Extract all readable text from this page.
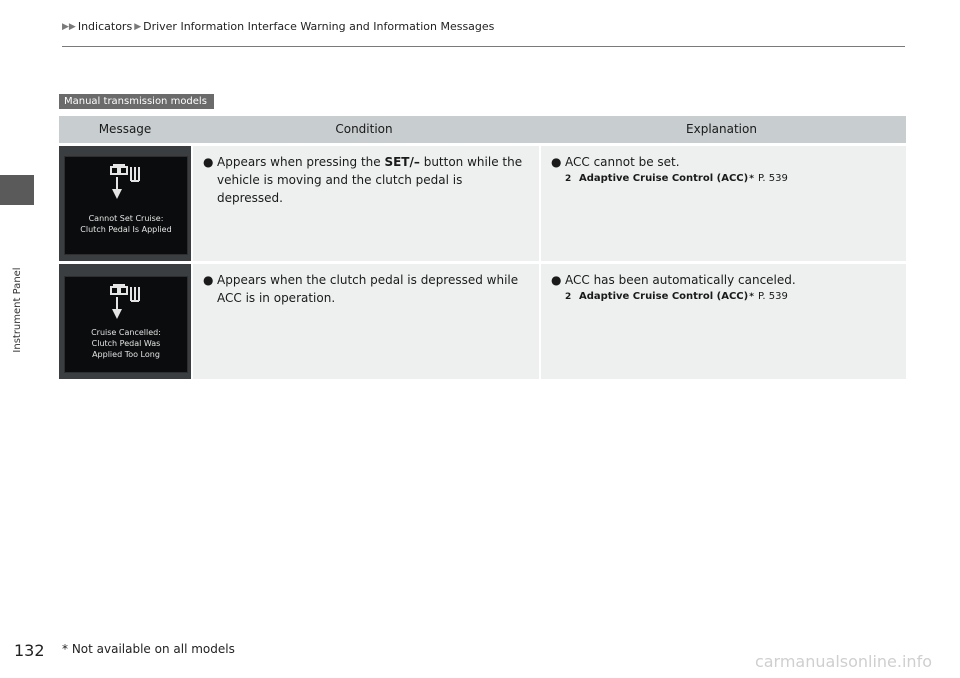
▶▶ Indicators ▶ Driver Information Interface Warning and Information Messages
Instrument Panel
Manual transmission models
Message	Condition	Explanation
Cannot Set Cruise:
Clutch Pedal Is Applied
● Appears when pressing the SET/– button while the vehicle is moving and the clutch pedal is depressed.
● ACC cannot be set.
2 Adaptive Cruise Control (ACC) * P. 539
Cruise Cancelled:
Clutch Pedal Was
Applied Too Long
● Appears when the clutch pedal is depressed while ACC is in operation.
● ACC has been automatically canceled.
2 Adaptive Cruise Control (ACC) * P. 539
132 * Not available on all models
carmanualsonline.info
